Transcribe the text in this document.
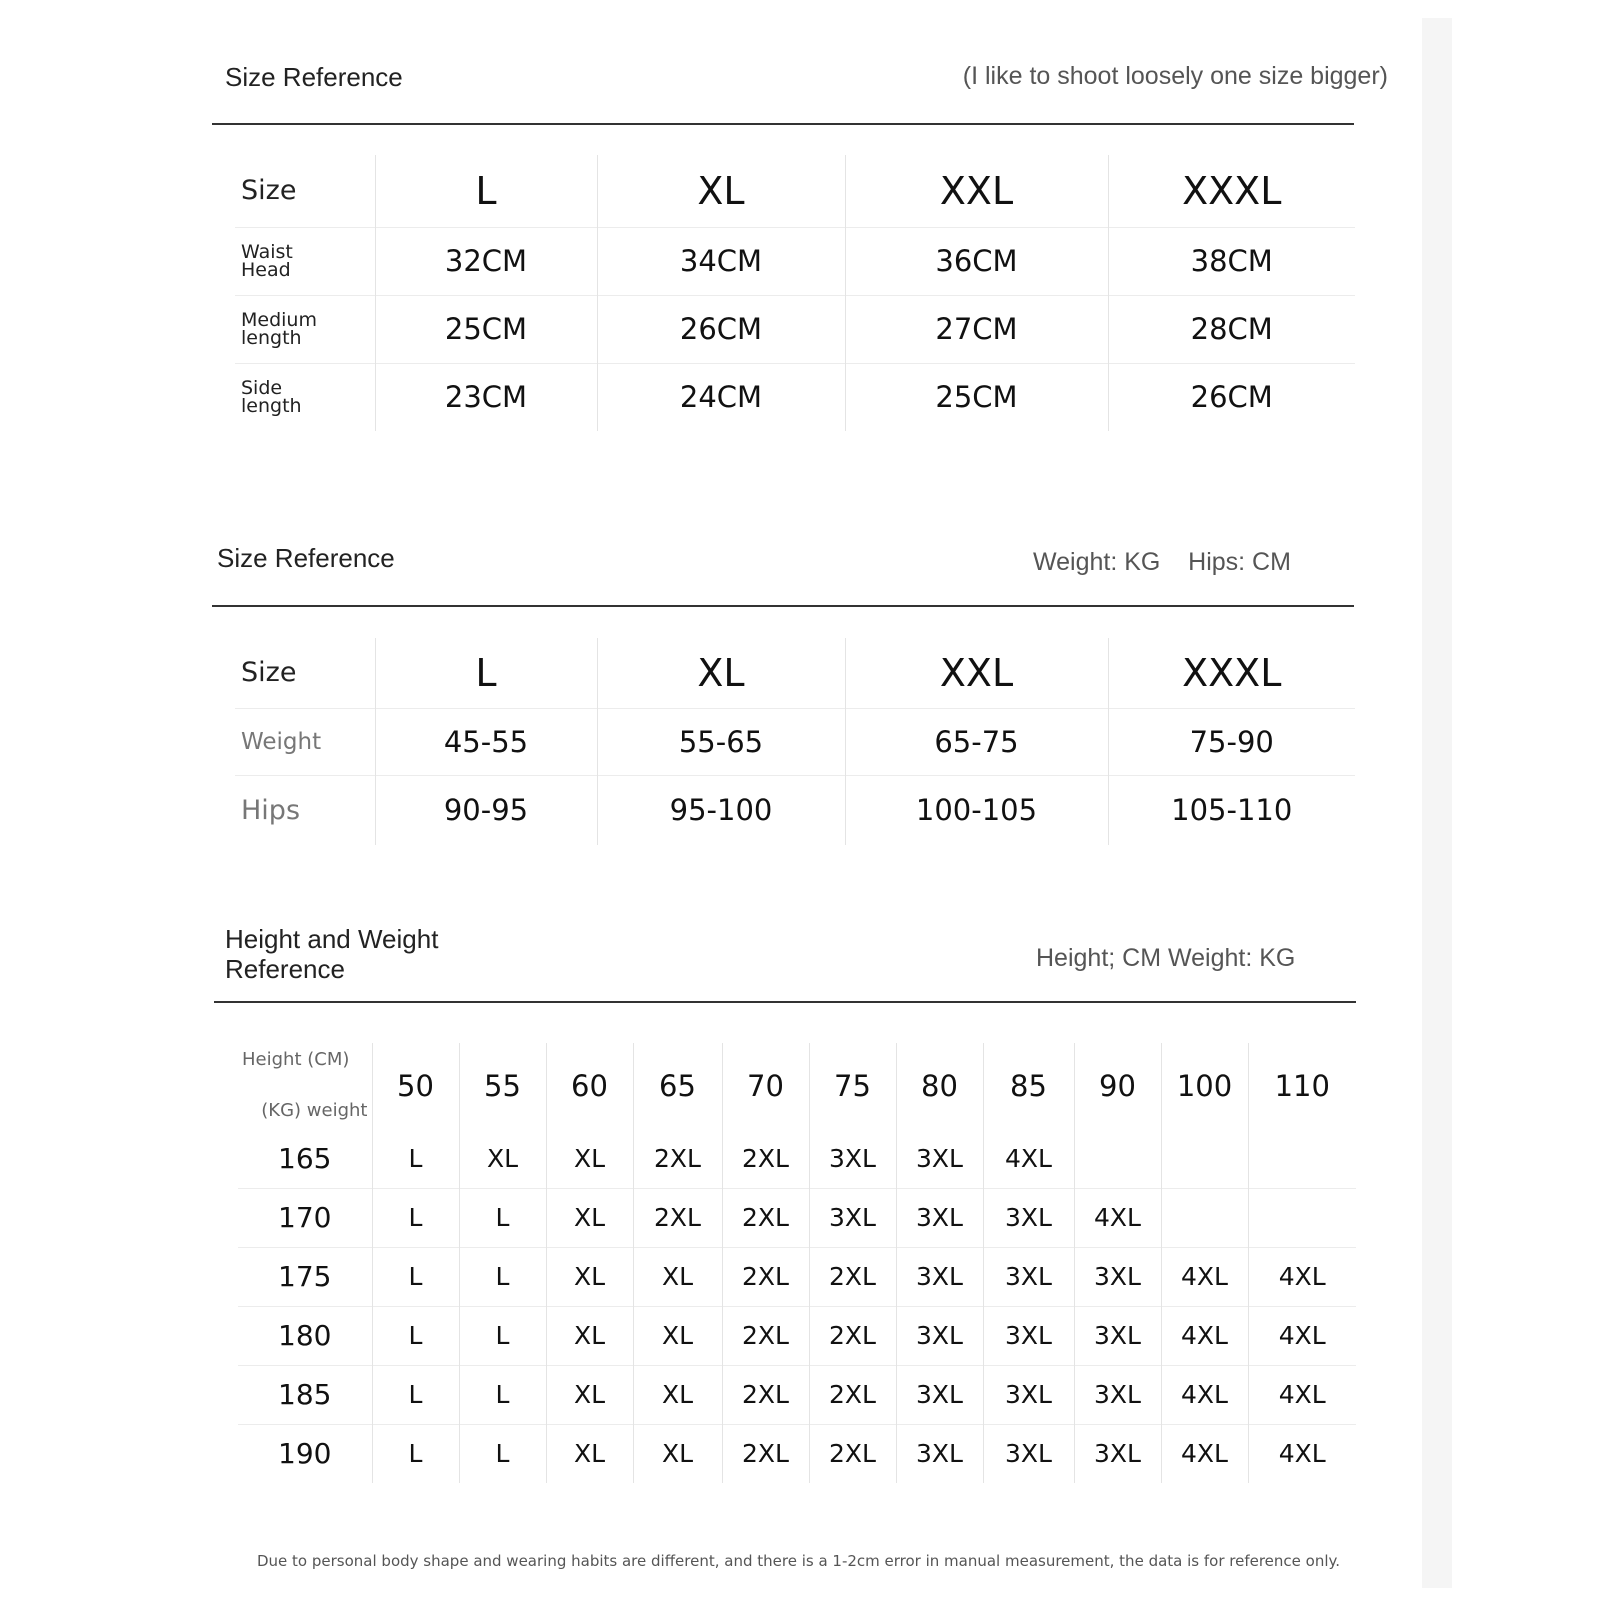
Size Reference	(I like to shoot loosely one size bigger)
Size	L	XL	XXL	XXXL

Waist
Head	32CM	34CM	36CM	38CM

Medium
length	25CM	26CM	27CM	28CM

Side
length	23CM	24CM	25CM	26CM
Size Reference	Weight: KG    Hips: CM
Size	L	XL	XXL	XXXL
Weight	45-55	55-65	65-75	75-90
Hips	90-95	95-100	100-105	105-110
Height and Weight
Reference	Height; CM Weight: KG
(KG) weight
Height (CM)	50	55	60	65	70	75	80	85	90	100	110
165	L	XL	XL	2XL	2XL	3XL	3XL	4XL			
170	L	L	XL	2XL	2XL	3XL	3XL	3XL	4XL		
175	L	L	XL	XL	2XL	2XL	3XL	3XL	3XL	4XL	4XL
180	L	L	XL	XL	2XL	2XL	3XL	3XL	3XL	4XL	4XL
185	L	L	XL	XL	2XL	2XL	3XL	3XL	3XL	4XL	4XL
190	L	L	XL	XL	2XL	2XL	3XL	3XL	3XL	4XL	4XL
Due to personal body shape and wearing habits are different, and there is a 1-2cm error in manual measurement, the data is for reference only.
